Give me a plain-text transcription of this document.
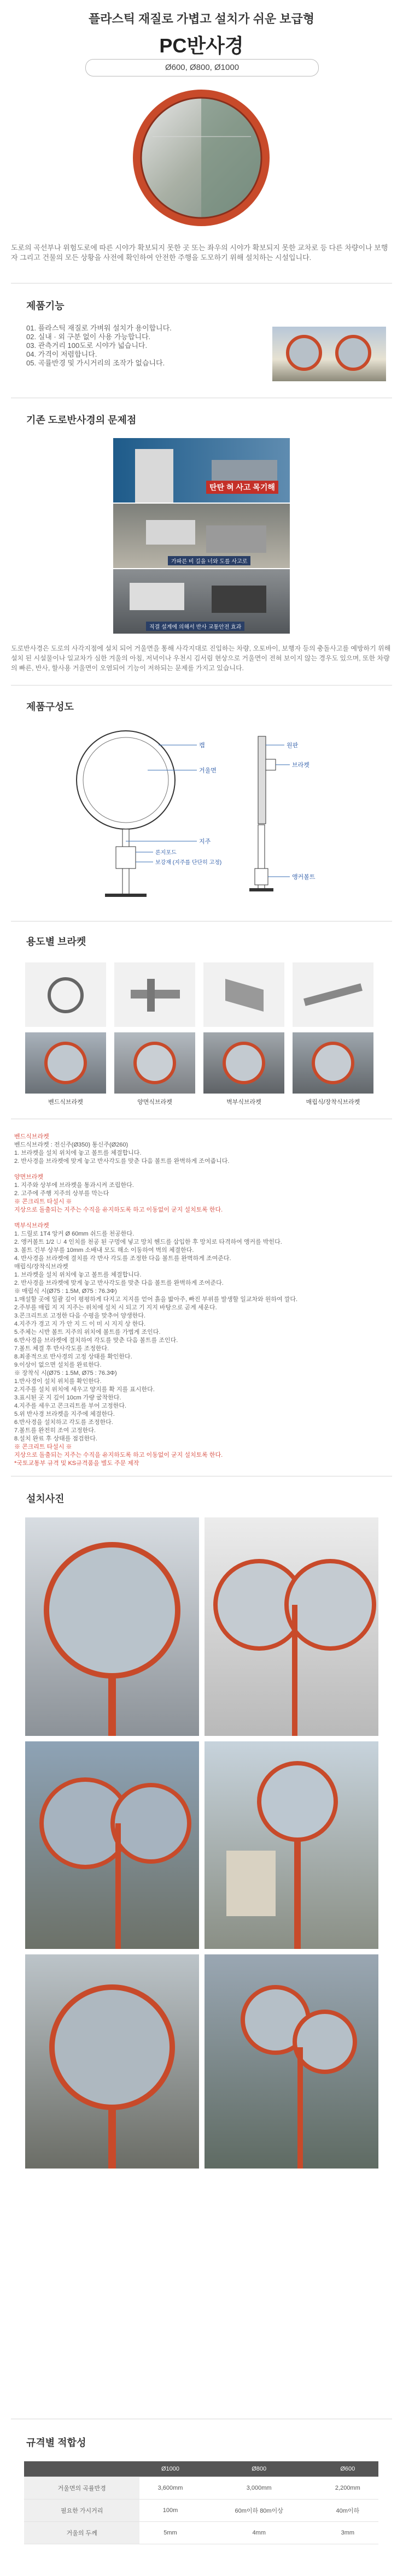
플라스틱 재질로 가볍고 설치가 쉬운 보급형
PC반사경
Ø600, Ø800, Ø1000
도로의 곡선부나 위험도로에 따른 시야가 확보되지 못한 곳 또는 좌우의 시야가 확보되지 못한 교차로 등 다른 차량이나 보행자 그리고 건물의 모든 상황을 사전에 확인하여 안전한 주행을 도모하기 위해 설치하는 시설입니다.
제품기능
01. 플라스틱 재질로 가벼워 설치가 용이합니다.
02. 실내 · 외 구분 없이 사용 가능합니다.
03. 관측거리 100도로 시야가 넓습니다.
04. 가격이 저렴합니다.
05. 곡률반경 및 가시거리의 조작가 없습니다.
기존 도로반사경의 문제점
탄탄 혀 사고 목기해
가파른 비 길을 너와 도를 사고로
직결 설계에 의해서 반사 교통안전 효과
도로반사경은 도로의 사각지점에 설치 되어 거울면을 통해 사각지대로 진입하는 차량, 오토바이, 보행자 등의 충돌사고를 예방하기 위해 설치 된 시설물이나 일교차가 심한 겨울의 아침, 저녁이나 우천시 김서림 현상으로 거울면이 전혀 보이지 않는 경우도 있으며, 또한 차량의 빠른, 반사, 할사용 거울면이 오염되어 기능이 저하되는 문제를 가지고 있습니다.
제품구성도
캡
거울면
지주
론지포드
보강재 (지주를 단단히 고정)
원판
브라켓
앵커볼트
용도별 브라켓
벤드식브라켓	양면식브라켓	벽부식브라켓	매립식/장착식브라켓
벤드식브라켓
벤드식브라켓 : 전신주(Ø350) 통신주(Ø260)
1. 브라켓을 설치 위치에 놓고 볼트를 체결합니다.
2. 반사경을 브라켓에 맞게 놓고 반사각도를 맞춘 다음 볼트를 완벽하게 조여줍니다.
양면브라켓
1. 지주와 상부에 브라켓을 통과시켜 조립한다.
2. 고주에 주행 지주의 상부를 막는다
※ 콘크리트 타설시 ※
지상으로 돌출되는 지주는 수직을 유지하도록 하고 이동없이 굳지 설치토록 한다.
벽부식브라켓
1. 드릴로 1T4 앙커 Ø 60mm 쉬드를 천공한다.
2. 앵커볼트 1/2 ∪ 4 인치를 천공 된 구멍에 넣고 망치 헨드를 삽입한 후 망치로 타격하여 앵커를 박힌다.
3. 볼트 긴부 상부를 10mm 소배내 모도 해소 이동하여 벽의 체결한다.
4. 반사경을 브라켓에 결치를 각 반사 각도를 조정한 다음 볼트를 완벽하게 조여준다.
매립식/장착식브라켓
1. 브라켓을 설치 위치에 놓고 볼트를 체결합니다.
2. 반사경을 브라켓에 맞게 놓고 반사각도를 맞춘 다음 볼트를 완벽하게 조여준다.
※ 매립식 시(Ø75 : 1.5M, Ø75 : 76.3Φ)
1.매설할 곳에 일괄 깊이 평평하게 다지고 지지를 얻어 흙을 밟아주, 빠진 부위를 발생할 일교차와 원하여 깔다.
2.주부를 매립 지 지 지주는 위치에 설치 시 되고 기 지지 바탕으로 곧게 세운다.
3.콘크리트로 고정한 다음 수평을 맞추어 양생한다.
4.지주가 경고 지 가 안 지 드 이 미 시 지지 상 한다.
5.주체는 시반 볼트 지주의 위치에 볼트를 가볍게 조인다.
6.반사경을 브라켓에 결치하여 각도를 맞춘 다음 볼트를 조인다.
7.볼트 체결 후 반사각도를 조정한다.
8.최종적으로 반사경의 고정 상태를 확인한다.
9.이상이 없으면 설치를 완료한다.
※ 장착식 시(Ø75 : 1.5M, Ø75 : 76.3Φ)
1.반사경이 설치 위치를 확인한다.
2.지주를 설치 위치에 세우고 양지를 확 지를 표시한다.
3.표시된 곳 지 깊이 10cm 가량 굴착한다.
4.지주를 세우고 콘크리트를 부어 고정한다.
5.위 반사경 브라켓을 지주에 체결한다.
6.반사경을 설치하고 각도를 조정한다.
7.볼트를 완전히 조여 고정한다.
8.설치 완료 후 상태를 점검한다.
※ 콘크리트 타설시 ※
지상으로 돌출되는 지주는 수직을 유지하도록 하고 이동없이 굳지 설치토록 한다.
*국토교통부 규격 및 KS규격품을 별도 주문 제작
설치사진
규격별 적합성
	Ø1000	Ø800	Ø600
거울면의 곡률반경	3,600mm	3,000mm	2,200mm
필요한 가시거리	100m	60m이하 80m이상	40m이하
거울의 두께	5mm	4mm	3mm
